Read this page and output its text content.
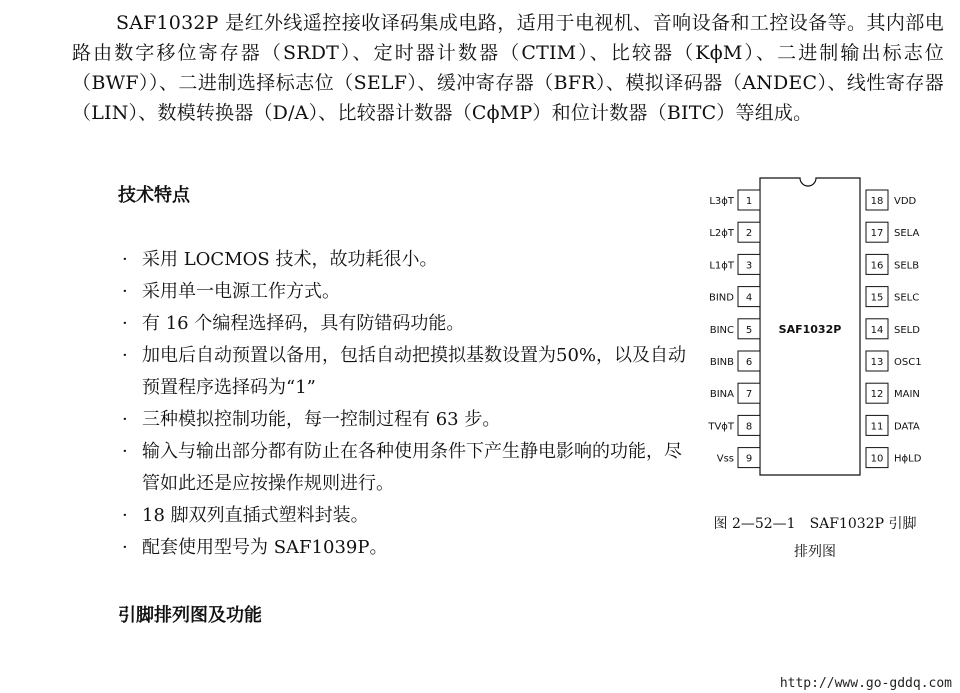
SAF1032P 是红外线遥控接收译码集成电路，适用于电视机、音响设备和工控设备等。其内部电路由数字移位寄存器（SRDT）、定时器计数器（CTIM）、比较器（KϕM）、二进制输出标志位（BWF））、二进制选择标志位（SELF）、缓冲寄存器（BFR）、模拟译码器（ANDEC）、线性寄存器（LIN）、数模转换器（D/A）、比较器计数器（CϕMP）和位计数器（BITC）等组成。
技术特点
· 采用 LOCMOS 技术，故功耗很小。
· 采用单一电源工作方式。
· 有 16 个编程选择码，具有防错码功能。
· 加电后自动预置以备用，包括自动把摸拟基数设置为50%，以及自动预置程序选择码为“1”
· 三种模拟控制功能，每一控制过程有 63 步。
· 输入与输出部分都有防止在各种使用条件下产生静电影响的功能，尽管如此还是应按操作规则进行。
· 18 脚双列直插式塑料封装。
· 配套使用型号为 SAF1039P。
SAF1032P
1
L3ϕT
2
L2ϕT
3
L1ϕT
4
BIND
5
BINC
6
BINB
7
BINA
8
TVϕT
9
Vss
18 VDD
17 SELA
16 SELB
15 SELC
14 SELD
13 OSC1
12 MAIN
11 DATA
10 HϕLD
图 2—52—1　SAF1032P 引脚
排列图
引脚排列图及功能
http://www.go-gddq.com
